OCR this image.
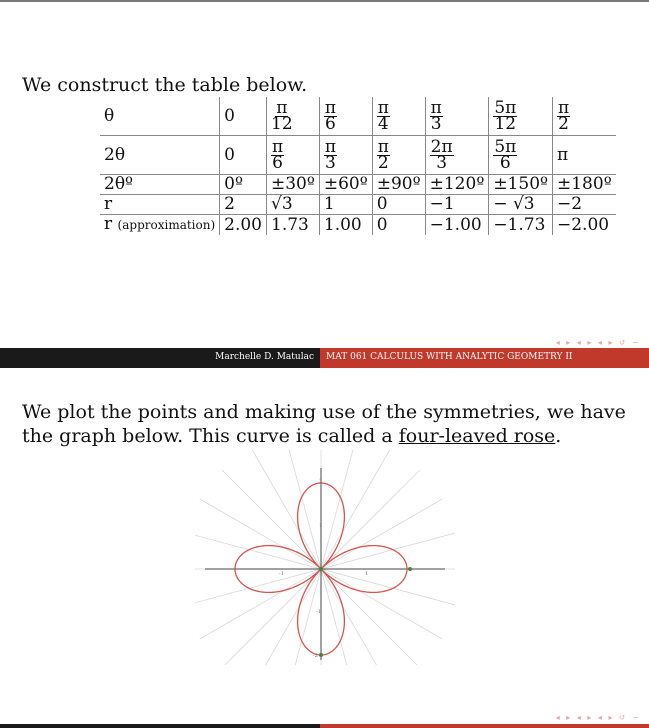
We construct the table below.

θ	0	$\frac{\pi}{12}$	$\frac{\pi}{6}$	$\frac{\pi}{4}$	$\frac{\pi}{3}$	$\frac{5\pi}{12}$	$\frac{\pi}{2}$

2θ	0	$\frac{\pi}{6}$	$\frac{\pi}{3}$	$\frac{\pi}{2}$	$\frac{2\pi}{3}$	$\frac{5\pi}{6}$	π
2θº	0º	±30º	±60º	±90º	±120º	±150º	±180º
r	2	√3	1	0	−1	− √3	−2
r (approximation)	2.00	1.73	1.00	0	−1.00	−1.73	−2.00
Marchelle D. Matulac MAT 061 CALCULUS WITH ANALYTIC GEOMETRY II
◂ ▸ ◂ ▸ ◂ ▸ ↺ ∽

We plot the points and making use of the symmetries, we have the graph below. This curve is called a four-leaved rose.

2
1
-1
-2
-1	1
◂ ▸ ◂ ▸ ◂ ▸ ↺ ∽
